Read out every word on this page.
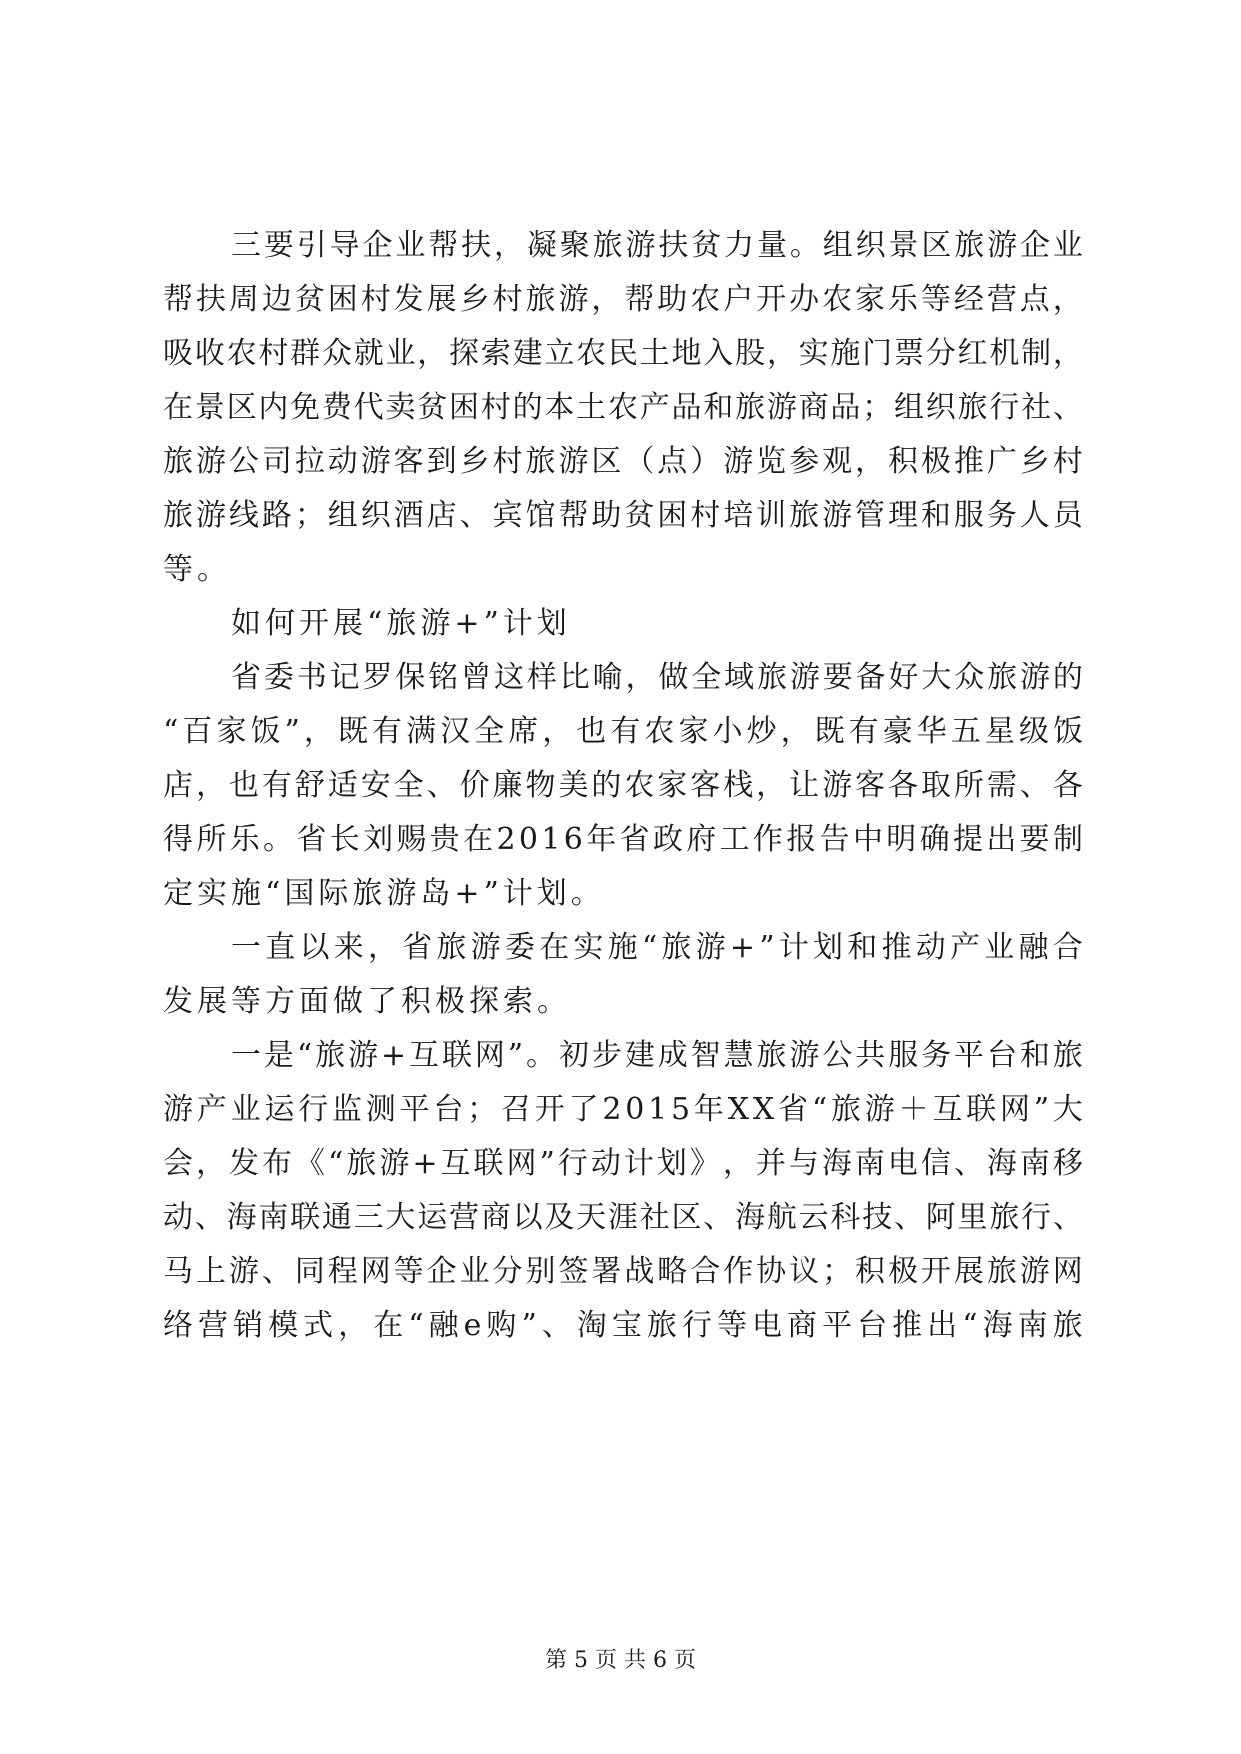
三 要 引 导 企 业 帮 扶 ， 凝 聚 旅 游 扶 贫 力 量 。 组 织 景 区 旅 游 企 业
帮 扶 周 边 贫 困 村 发 展 乡 村 旅 游 ， 帮 助 农 户 开 办 农 家 乐 等 经 营 点 ，
吸 收 农 村 群 众 就 业 ， 探 索 建 立 农 民 土 地 入 股 ， 实 施 门 票 分 红 机 制 ，
在 景 区 内 免 费 代 卖 贫 困 村 的 本 土 农 产 品 和 旅 游 商 品 ； 组 织 旅 行 社 、
旅 游 公 司 拉 动 游 客 到 乡 村 旅 游 区 （ 点 ） 游 览 参 观 ， 积 极 推 广 乡 村
旅 游 线 路 ； 组 织 酒 店 、 宾 馆 帮 助 贫 困 村 培 训 旅 游 管 理 和 服 务 人 员
等。
如何开展“旅游+”计划
省 委 书 记 罗 保 铭 曾 这 样 比 喻 ， 做 全 域 旅 游 要 备 好 大 众 旅 游 的
“ 百 家 饭 ” ， 既 有 满 汉 全 席 ， 也 有 农 家 小 炒 ， 既 有 豪 华 五 星 级 饭
店 ， 也 有 舒 适 安 全 、 价 廉 物 美 的 农 家 客 栈 ， 让 游 客 各 取 所 需 、 各
得 所 乐 。 省 长 刘 赐 贵 在 2 0 1 6 年 省 政 府 工 作 报 告 中 明 确 提 出 要 制
定实施“国际旅游岛+”计划。
一 直 以 来 ， 省 旅 游 委 在 实 施 “ 旅 游 + ” 计 划 和 推 动 产 业 融 合
发展等方面做了积极探索。
一 是 “ 旅 游 + 互 联 网 ” 。 初 步 建 成 智 慧 旅 游 公 共 服 务 平 台 和 旅
游 产 业 运 行 监 测 平 台 ； 召 开 了 2 0 1 5 年 X X 省 “ 旅 游 ＋ 互 联 网 ” 大
会 ， 发 布 《 “ 旅 游 + 互 联 网 ” 行 动 计 划 》 ， 并 与 海 南 电 信 、 海 南 移
动 、 海 南 联 通 三 大 运 营 商 以 及 天 涯 社 区 、 海 航 云 科 技 、 阿 里 旅 行 、
马 上 游 、 同 程 网 等 企 业 分 别 签 署 战 略 合 作 协 议 ； 积 极 开 展 旅 游 网
络 营 销 模 式 ， 在 “ 融 e 购 ” 、 淘 宝 旅 行 等 电 商 平 台 推 出 “ 海 南 旅
第 5 页 共 6 页
